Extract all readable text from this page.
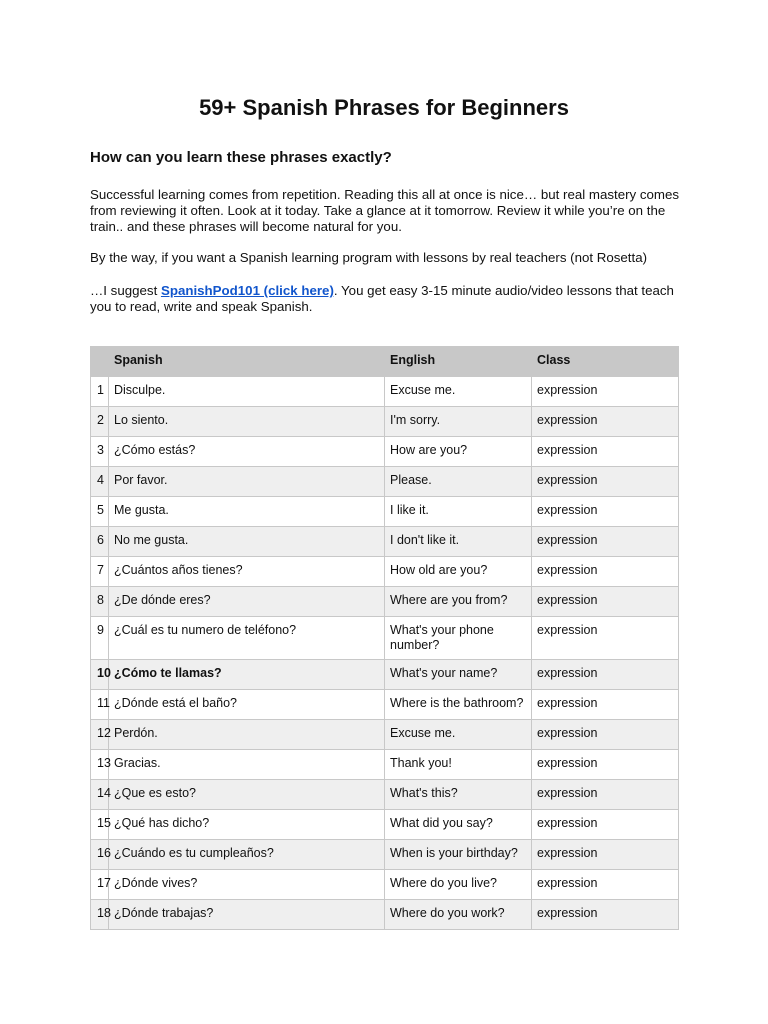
59+ Spanish Phrases for Beginners
How can you learn these phrases exactly?

Successful learning comes from repetition. Reading this all at once is nice… but real mastery comes from reviewing it often. Look at it today. Take a glance at it tomorrow. Review it while you’re on the train.. and these phrases will become natural for you.

By the way, if you want a Spanish learning program with lessons by real teachers (not Rosetta)

…I suggest SpanishPod101 (click here). You get easy 3-15 minute audio/video lessons that teach you to read, write and speak Spanish.

	Spanish	English	Class
1	Disculpe.	Excuse me.	expression
2	Lo siento.	I'm sorry.	expression
3	¿Cómo estás?	How are you?	expression
4	Por favor.	Please.	expression
5	Me gusta.	I like it.	expression
6	No me gusta.	I don't like it.	expression
7	¿Cuántos años tienes?	How old are you?	expression
8	¿De dónde eres?	Where are you from?	expression
9	¿Cuál es tu numero de teléfono?	What's your phone number?	expression
10	¿Cómo te llamas?	What's your name?	expression
11	¿Dónde está el baño?	Where is the bathroom?	expression
12	Perdón.	Excuse me.	expression
13	Gracias.	Thank you!	expression
14	¿Que es esto?	What's this?	expression
15	¿Qué has dicho?	What did you say?	expression
16	¿Cuándo es tu cumpleaños?	When is your birthday?	expression
17	¿Dónde vives?	Where do you live?	expression
18	¿Dónde trabajas?	Where do you work?	expression
